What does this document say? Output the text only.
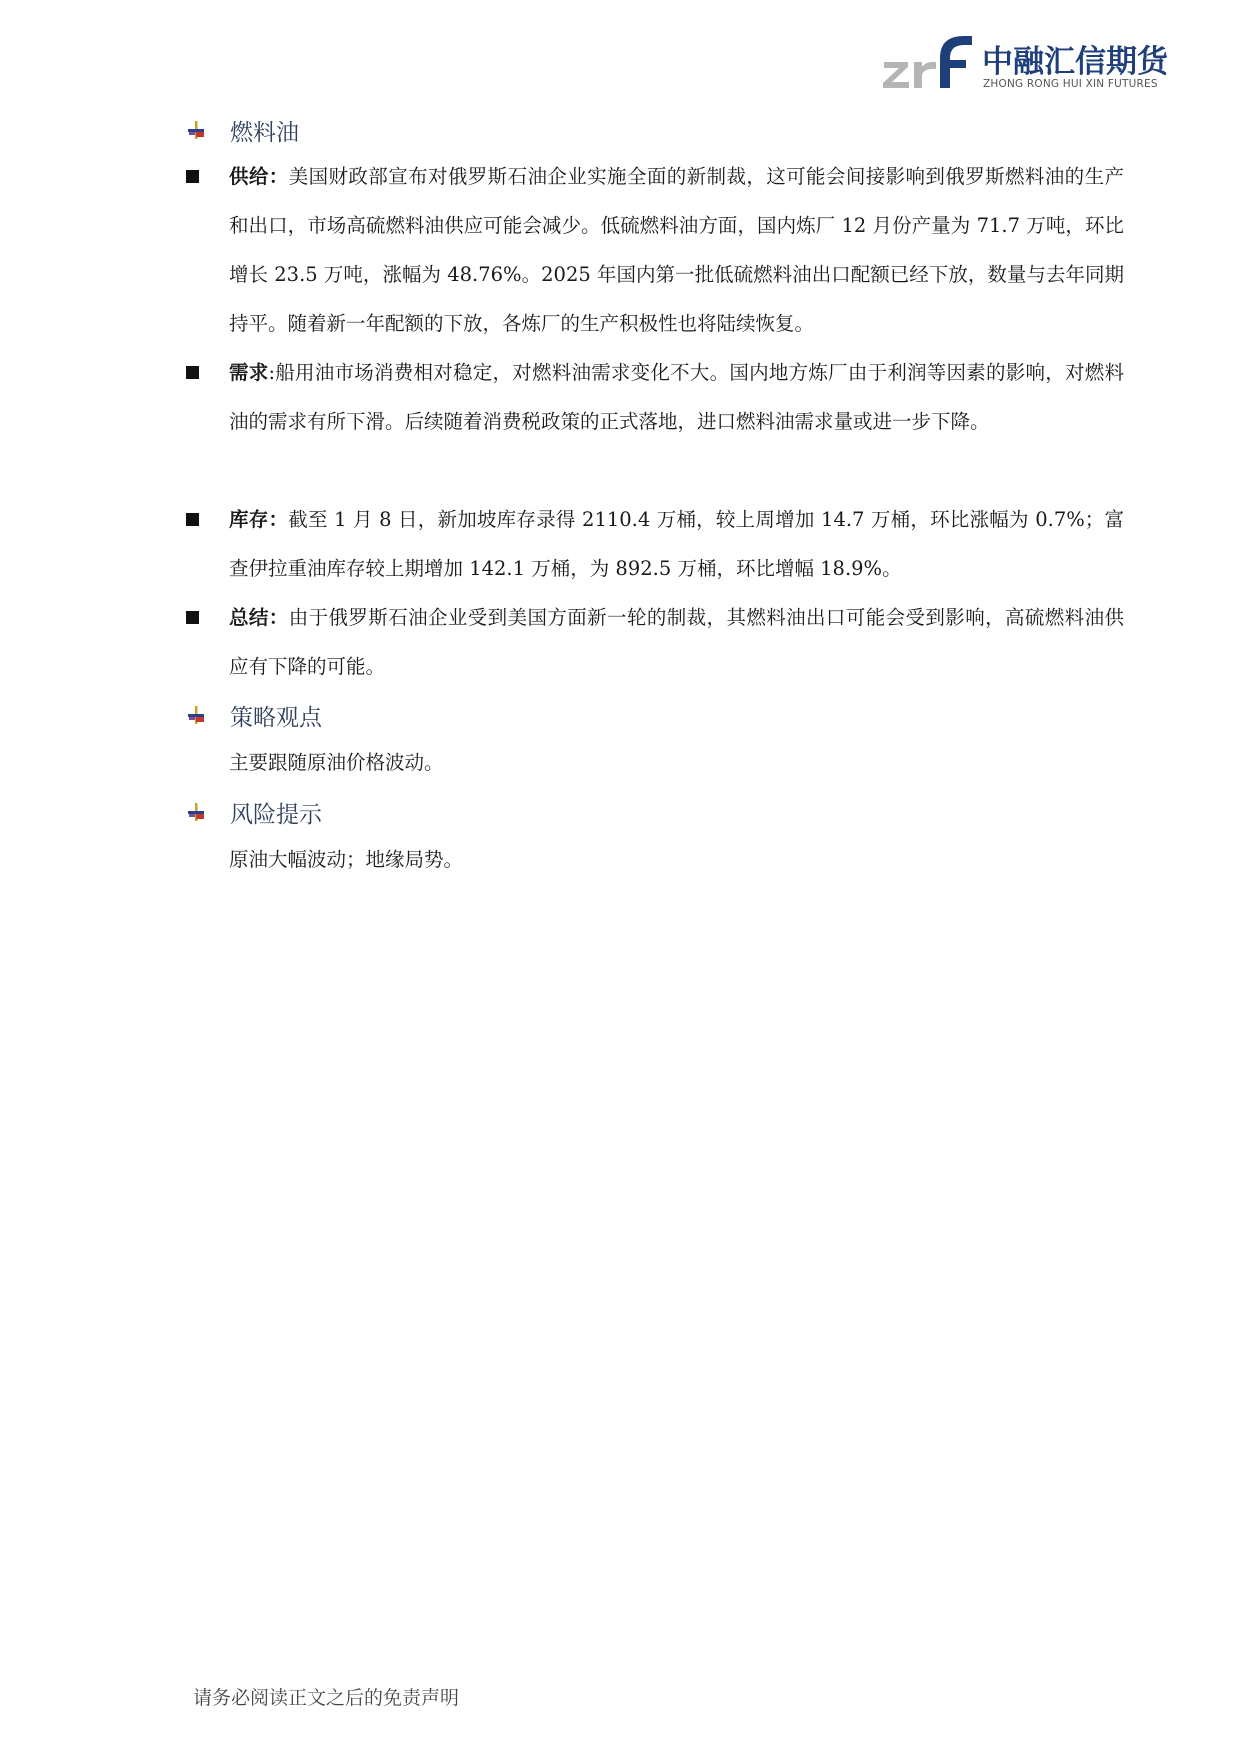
中融汇信期货
ZHONG RONG HUI XIN FUTURES
燃料油
供给：美国财政部宣布对俄罗斯石油企业实施全面的新制裁，这可能会间接影响到俄罗斯燃料油的生产和出口，市场高硫燃料油供应可能会减少。低硫燃料油方面，国内炼厂 12 月份产量为 71.7 万吨，环比增长 23.5 万吨，涨幅为 48.76%。2025 年国内第一批低硫燃料油出口配额已经下放，数量与去年同期持平。随着新一年配额的下放，各炼厂的生产积极性也将陆续恢复。
需求:船用油市场消费相对稳定，对燃料油需求变化不大。国内地方炼厂由于利润等因素的影响，对燃料油的需求有所下滑。后续随着消费税政策的正式落地，进口燃料油需求量或进一步下降。
库存：截至 1 月 8 日，新加坡库存录得 2110.4 万桶，较上周增加 14.7 万桶，环比涨幅为 0.7%；富查伊拉重油库存较上期增加 142.1 万桶，为 892.5 万桶，环比增幅 18.9%。
总结：由于俄罗斯石油企业受到美国方面新一轮的制裁，其燃料油出口可能会受到影响，高硫燃料油供应有下降的可能。
策略观点
主要跟随原油价格波动。
风险提示
原油大幅波动；地缘局势。
请务必阅读正文之后的免责声明
